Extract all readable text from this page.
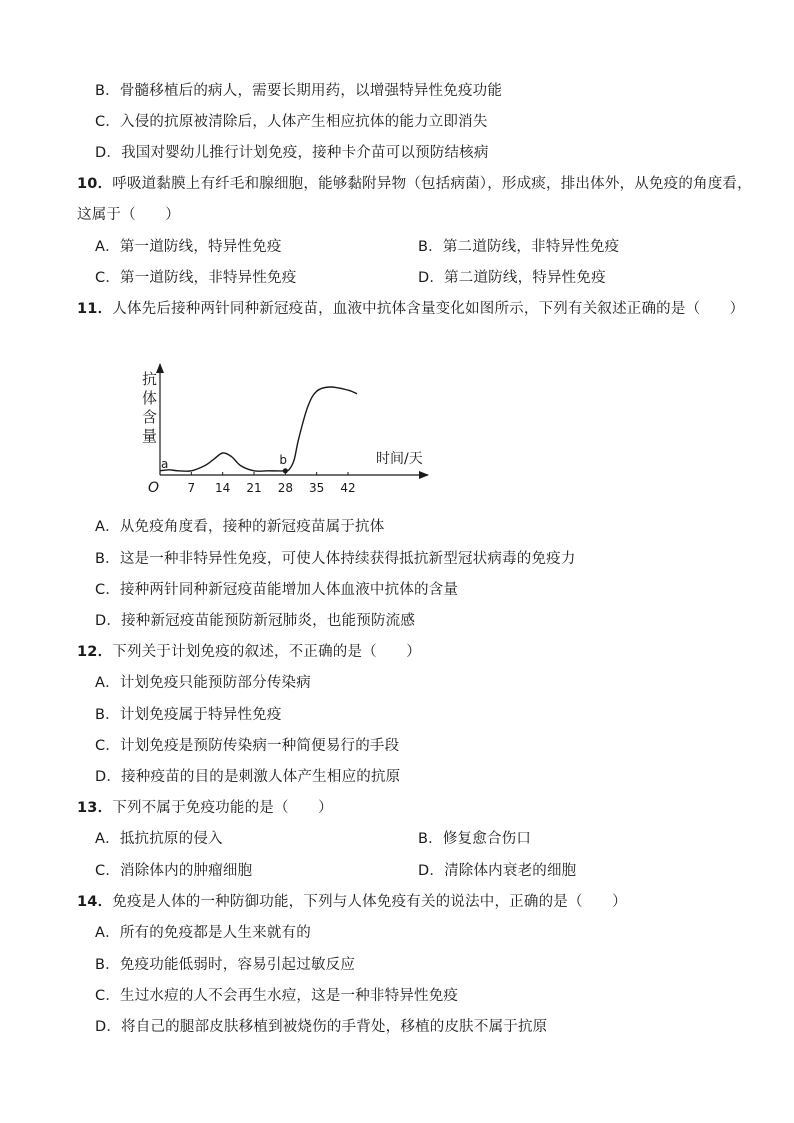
B．骨髓移植后的病人，需要长期用药，以增强特异性免疫功能
C．入侵的抗原被清除后，人体产生相应抗体的能力立即消失
D．我国对婴幼儿推行计划免疫，接种卡介苗可以预防结核病
10．呼吸道黏膜上有纤毛和腺细胞，能够黏附异物（包括病菌），形成痰，排出体外，从免疫的角度看，
这属于（　　）
A．第一道防线，特异性免疫	B．第二道防线，非特异性免疫
C．第一道防线，非特异性免疫	D．第二道防线，特异性免疫
11．人体先后接种两针同种新冠疫苗，血液中抗体含量变化如图所示，下列有关叙述正确的是（　　）
抗
体
含
量
时间/天
O 7 14 21 28 35 42
a	b
A．从免疫角度看，接种的新冠疫苗属于抗体
B．这是一种非特异性免疫，可使人体持续获得抵抗新型冠状病毒的免疫力
C．接种两针同种新冠疫苗能增加人体血液中抗体的含量
D．接种新冠疫苗能预防新冠肺炎，也能预防流感
12．下列关于计划免疫的叙述，不正确的是（　　）
A．计划免疫只能预防部分传染病
B．计划免疫属于特异性免疫
C．计划免疫是预防传染病一种简便易行的手段
D．接种疫苗的目的是刺激人体产生相应的抗原
13．下列不属于免疫功能的是（　　）
A．抵抗抗原的侵入	B．修复愈合伤口
C．消除体内的肿瘤细胞	D．清除体内衰老的细胞
14．免疫是人体的一种防御功能，下列与人体免疫有关的说法中，正确的是（　　）
A．所有的免疫都是人生来就有的
B．免疫功能低弱时，容易引起过敏反应
C．生过水痘的人不会再生水痘，这是一种非特异性免疫
D．将自己的腿部皮肤移植到被烧伤的手背处，移植的皮肤不属于抗原
